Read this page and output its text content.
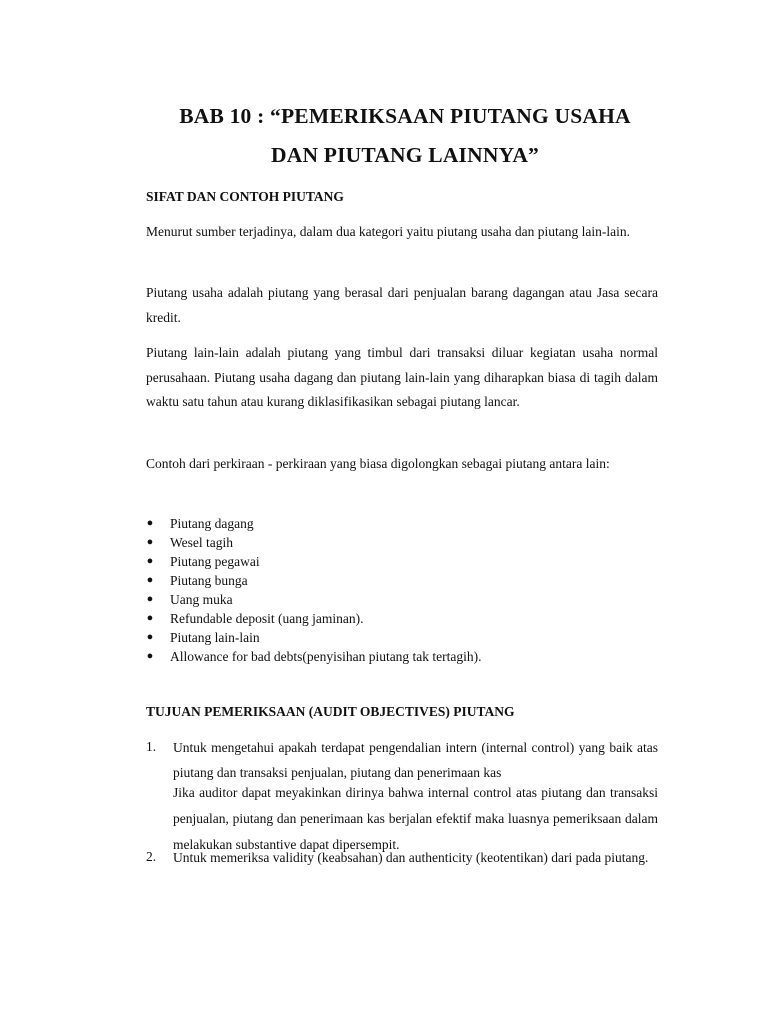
BAB 10 : “PEMERIKSAAN PIUTANG USAHA
DAN PIUTANG LAINNYA”
SIFAT DAN CONTOH PIUTANG
Menurut sumber terjadinya, dalam dua kategori yaitu piutang usaha dan piutang lain-lain.
Piutang usaha adalah piutang yang berasal dari penjualan barang dagangan atau Jasa secara kredit.
Piutang lain-lain adalah piutang yang timbul dari transaksi diluar kegiatan usaha normal perusahaan. Piutang usaha dagang dan piutang lain-lain yang diharapkan biasa di tagih dalam waktu satu tahun atau kurang diklasifikasikan sebagai piutang lancar.
Contoh dari perkiraan - perkiraan yang biasa digolongkan sebagai piutang antara lain:
● Piutang dagang
● Wesel tagih
● Piutang pegawai
● Piutang bunga
● Uang muka
● Refundable deposit (uang jaminan).
● Piutang lain-lain
● Allowance for bad debts(penyisihan piutang tak tertagih).
TUJUAN PEMERIKSAAN (AUDIT OBJECTIVES) PIUTANG
1. Untuk mengetahui apakah terdapat pengendalian intern (internal control) yang baik atas piutang dan transaksi penjualan, piutang dan penerimaan kas
Jika auditor dapat meyakinkan dirinya bahwa internal control atas piutang dan transaksi penjualan, piutang dan penerimaan kas berjalan efektif maka luasnya pemeriksaan dalam melakukan substantive dapat dipersempit.
2. Untuk memeriksa validity (keabsahan) dan authenticity (keotentikan) dari pada piutang.
